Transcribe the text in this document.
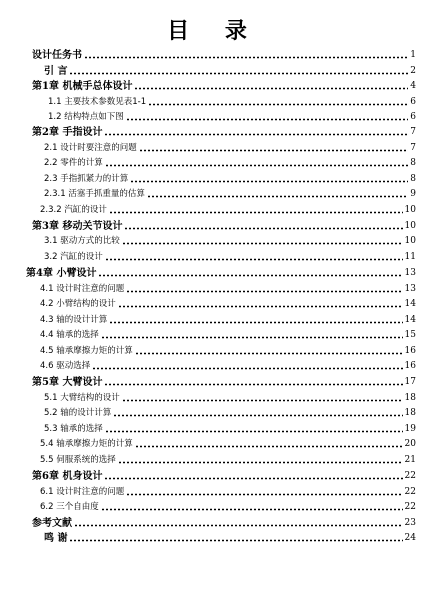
目 录
设计任务书	1
引 言	2
第1章 机械手总体设计	4
1.1 主要技术参数见表1-1	6
1.2 结构特点如下图	6
第2章 手指设计	7
2.1 设计时要注意的问题	7
2.2 零件的计算	8
2.3 手指抓紧力的计算	8
2.3.1 活塞手抓重量的估算	9
2.3.2 汽缸的设计	10
第3章 移动关节设计	10
3.1 驱动方式的比较	10
3.2 汽缸的设计	11
第4章 小臂设计	13
4.1 设计时注意的问题	13
4.2 小臂结构的设计	14
4.3 轴的设计计算	14
4.4 轴承的选择	15
4.5 轴承摩擦力矩的计算	16
4.6 驱动选择	16
第5章 大臂设计	17
5.1 大臂结构的设计	18
5.2 轴的设计计算	18
5.3 轴承的选择	19
5.4 轴承摩擦力矩的计算	20
5.5 伺服系统的选择	21
第6章 机身设计	22
6.1 设计时注意的问题	22
6.2 三个自由度	22
参考文献	23
鸣 谢	24
